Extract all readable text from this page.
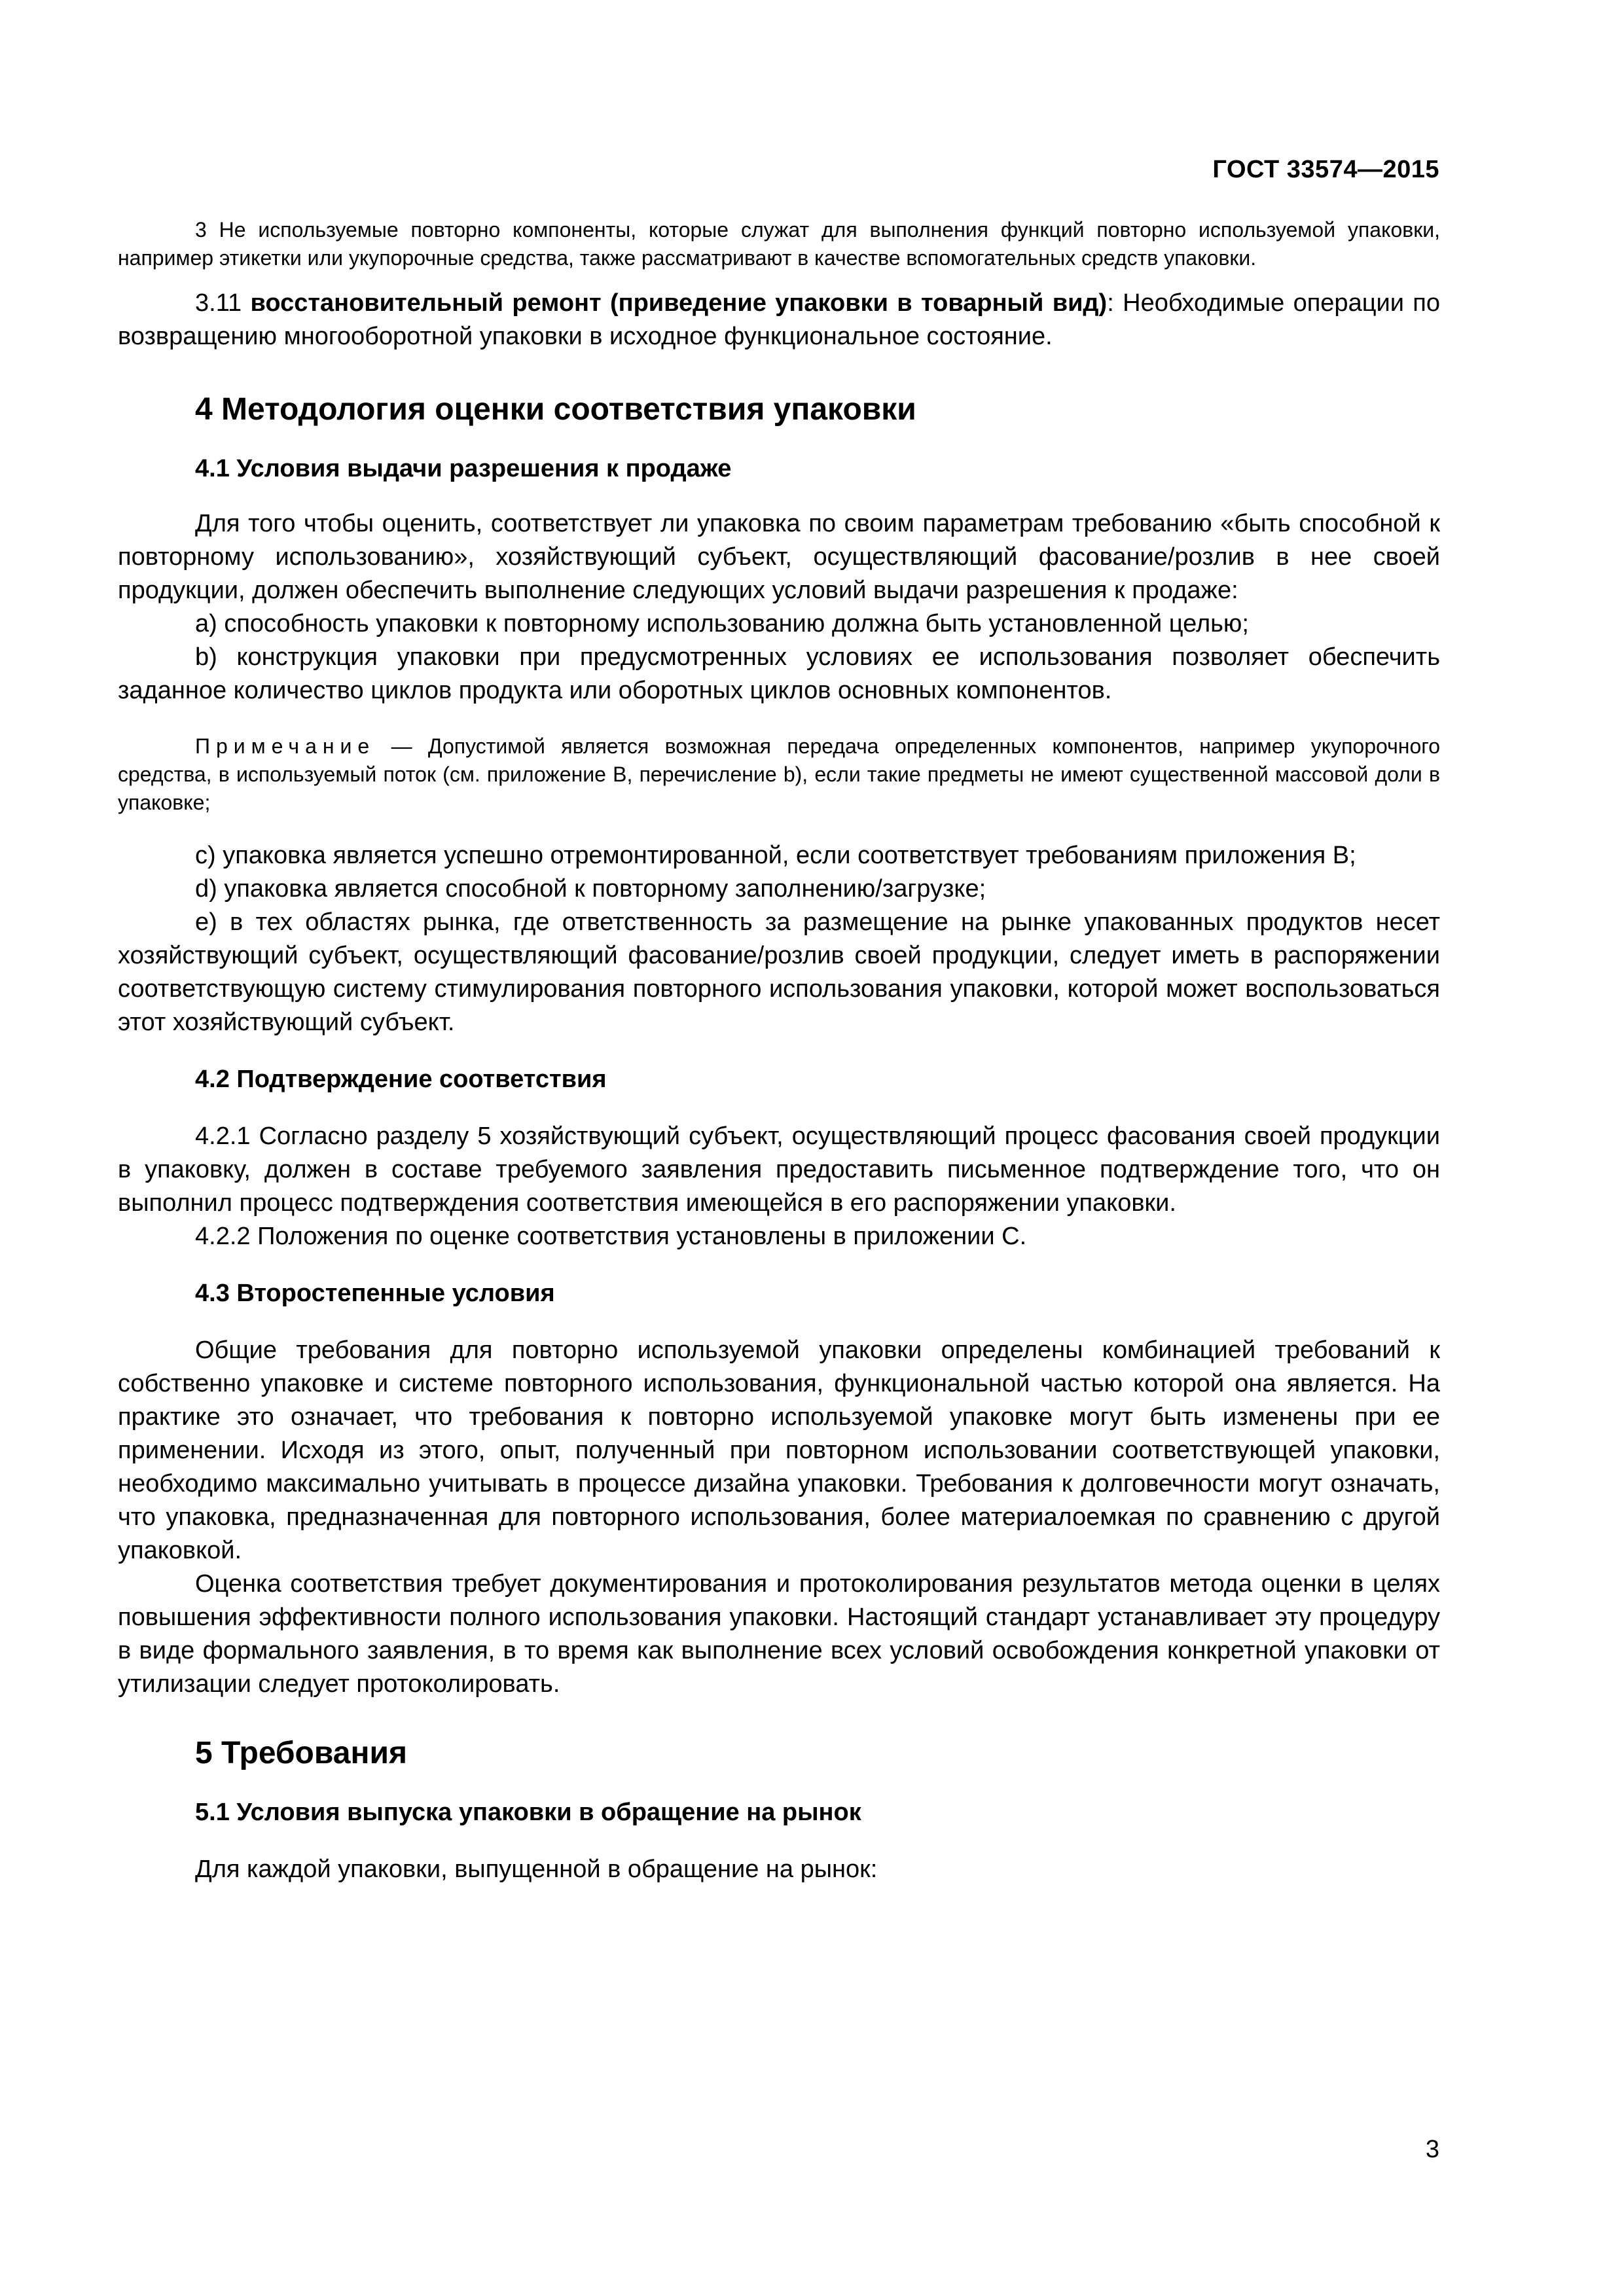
ГОСТ 33574—2015

3 Не используемые повторно компоненты, которые служат для выполнения функций повторно используемой упаковки, например этикетки или укупорочные средства, также рассматривают в качестве вспомогательных средств упаковки.

3.11 восстановительный ремонт (приведение упаковки в товарный вид): Необходимые операции по возвращению многооборотной упаковки в исходное функциональное состояние.

4 Методология оценки соответствия упаковки
4.1 Условия выдачи разрешения к продаже

Для того чтобы оценить, соответствует ли упаковка по своим параметрам требованию «быть способной к повторному использованию», хозяйствующий субъект, осуществляющий фасование/розлив в нее своей продукции, должен обеспечить выполнение следующих условий выдачи разрешения к продаже:

а) способность упаковки к повторному использованию должна быть установленной целью;

b) конструкция упаковки при предусмотренных условиях ее использования позволяет обеспечить заданное количество циклов продукта или оборотных циклов основных компонентов.

Примечание — Допустимой является возможная передача определенных компонентов, например укупорочного средства, в используемый поток (см. приложение B, перечисление b), если такие предметы не имеют существенной массовой доли в упаковке;

с) упаковка является успешно отремонтированной, если соответствует требованиям приложения B;

d) упаковка является способной к повторному заполнению/загрузке;

е) в тех областях рынка, где ответственность за размещение на рынке упакованных продуктов несет хозяйствующий субъект, осуществляющий фасование/розлив своей продукции, следует иметь в распоряжении соответствующую систему стимулирования повторного использования упаковки, которой может воспользоваться этот хозяйствующий субъект.

4.2 Подтверждение соответствия

4.2.1 Согласно разделу 5 хозяйствующий субъект, осуществляющий процесс фасования своей продукции в упаковку, должен в составе требуемого заявления предоставить письменное подтверждение того, что он выполнил процесс подтверждения соответствия имеющейся в его распоряжении упаковки.

4.2.2 Положения по оценке соответствия установлены в приложении С.

4.3 Второстепенные условия

Общие требования для повторно используемой упаковки определены комбинацией требований к собственно упаковке и системе повторного использования, функциональной частью которой она является. На практике это означает, что требования к повторно используемой упаковке могут быть изменены при ее применении. Исходя из этого, опыт, полученный при повторном использовании соответствующей упаковки, необходимо максимально учитывать в процессе дизайна упаковки. Требования к долговечности могут означать, что упаковка, предназначенная для повторного использования, более материалоемкая по сравнению с другой упаковкой.

Оценка соответствия требует документирования и протоколирования результатов метода оценки в целях повышения эффективности полного использования упаковки. Настоящий стандарт устанавливает эту процедуру в виде формального заявления, в то время как выполнение всех условий освобождения конкретной упаковки от утилизации следует протоколировать.

5 Требования
5.1 Условия выпуска упаковки в обращение на рынок

Для каждой упаковки, выпущенной в обращение на рынок:

3
